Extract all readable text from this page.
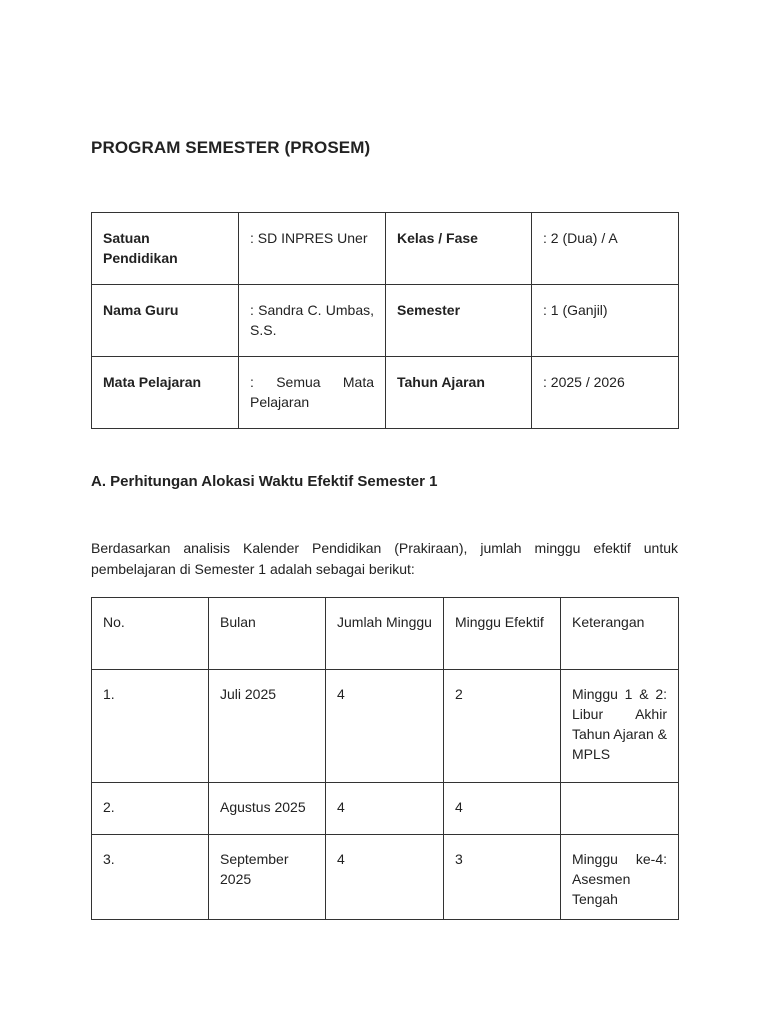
PROGRAM SEMESTER (PROSEM)
Satuan Pendidikan	: SD INPRES Uner	Kelas / Fase	: 2 (Dua) / A
Nama Guru	: Sandra C. Umbas, S.S.	Semester	: 1 (Ganjil)
Mata Pelajaran	: Semua Mata Pelajaran	Tahun Ajaran	: 2025 / 2026
A. Perhitungan Alokasi Waktu Efektif Semester 1
Berdasarkan analisis Kalender Pendidikan (Prakiraan), jumlah minggu efektif untuk pembelajaran di Semester 1 adalah sebagai berikut:
No.	Bulan	Jumlah Minggu	Minggu Efektif	Keterangan
1.	Juli 2025	4	2	Minggu 1 & 2: Libur Akhir Tahun Ajaran & MPLS
2.	Agustus 2025	4	4	
3.	September 2025	4	3	Minggu ke-4: Asesmen Tengah
